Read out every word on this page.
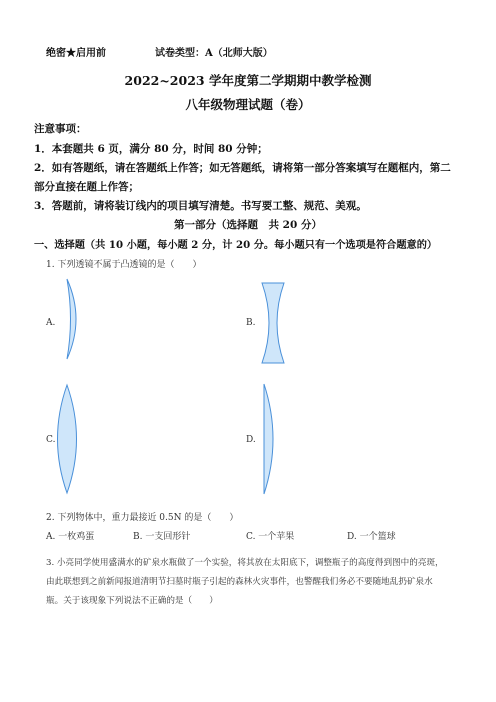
绝密★启用前	试卷类型：A（北师大版）
2022~2023 学年度第二学期期中教学检测
八年级物理试题（卷）
注意事项：
1．本套题共 6 页，满分 80 分，时间 80 分钟；
2．如有答题纸，请在答题纸上作答；如无答题纸，请将第一部分答案填写在题框内，第二
部分直接在题上作答；
3．答题前，请将装订线内的项目填写清楚。书写要工整、规范、美观。
第一部分（选择题　共 20 分）
一、选择题（共 10 小题，每小题 2 分，计 20 分。每小题只有一个选项是符合题意的）
1. 下列透镜不属于凸透镜的是（　　）
A.	B.
C.	D.
2. 下列物体中，重力最接近 0.5N 的是（　　）
A. 一枚鸡蛋	B. 一支回形针	C. 一个苹果	D. 一个篮球
3. 小亮同学使用盛满水的矿泉水瓶做了一个实验，将其放在太阳底下，调整瓶子的高度得到图中的亮斑，
由此联想到之前新闻报道清明节扫墓时瓶子引起的森林火灾事件，也警醒我们务必不要随地乱扔矿泉水
瓶。关于该现象下列说法不正确的是（　　）
